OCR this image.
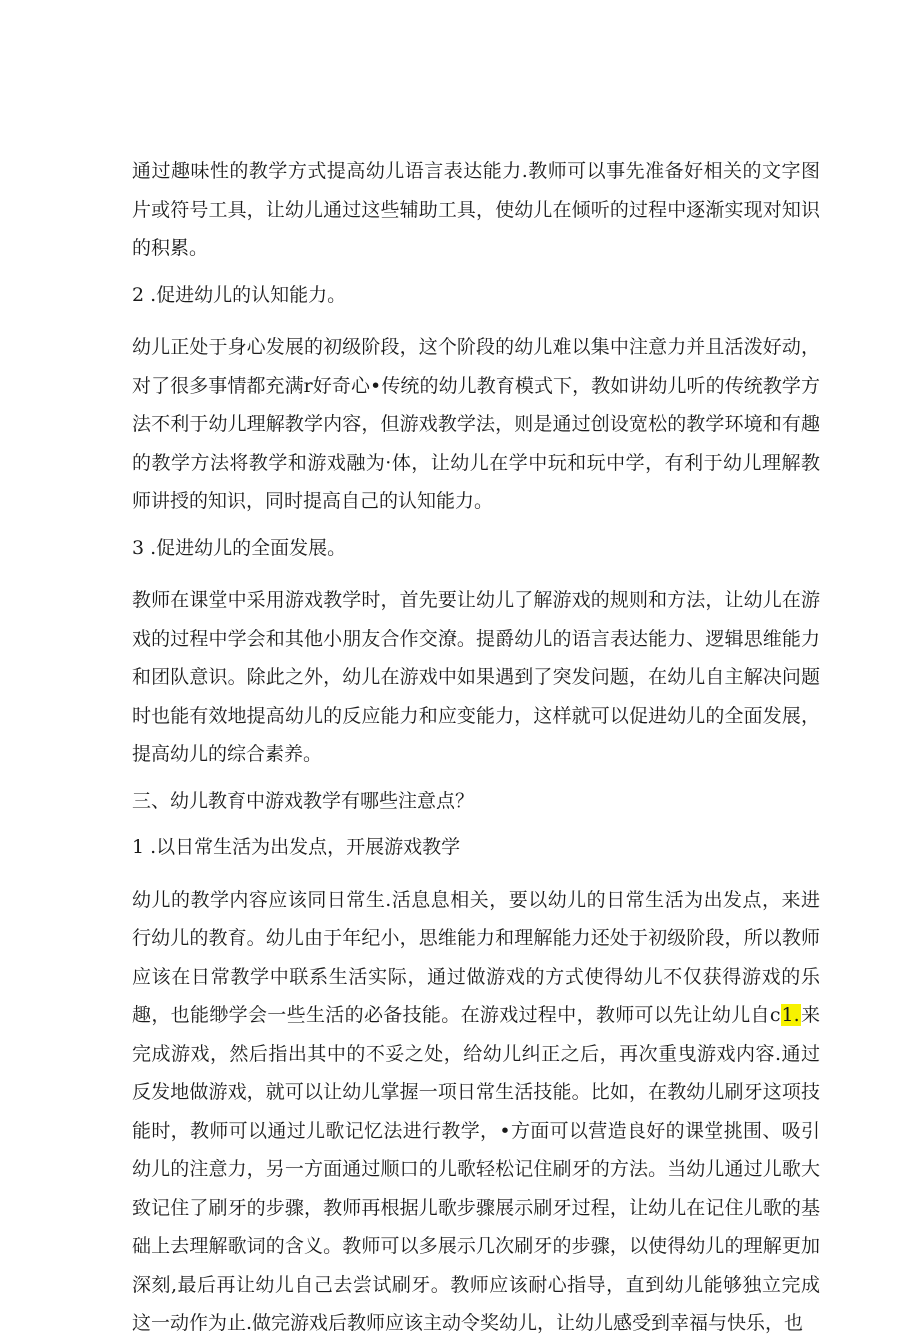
通过趣味性的教学方式提高幼儿语言表达能力.教师可以事先准备好相关的文字图片或符号工具，让幼儿通过这些辅助工具，使幼儿在倾听的过程中逐渐实现对知识的积累。

2 .促进幼儿的认知能力。

幼儿正处于身心发展的初级阶段，这个阶段的幼儿难以集中注意力并且活泼好动，对了很多事情都充满r好奇心•传统的幼儿教育模式下，教如讲幼儿听的传统教学方法不利于幼儿理解教学内容，但游戏教学法，则是通过创设宽松的教学环境和有趣的教学方法将教学和游戏融为·体，让幼儿在学中玩和玩中学，有利于幼儿理解教师讲授的知识，同时提高自己的认知能力。

3 .促进幼儿的全面发展。

教师在课堂中采用游戏教学时，首先要让幼儿了解游戏的规则和方法，让幼儿在游戏的过程中学会和其他小朋友合作交潦。提爵幼儿的语言表达能力、逻辑思维能力和团队意识。除此之外，幼儿在游戏中如果遇到了突发问题，在幼儿自主解决问题时也能有效地提高幼儿的反应能力和应变能力，这样就可以促进幼儿的全面发展，提高幼儿的综合素养。

三、幼儿教育中游戏教学有哪些注意点？

1 .以日常生活为出发点，开展游戏教学

幼儿的教学内容应该同日常生.活息息相关，要以幼儿的日常生活为出发点，来进行幼儿的教育。幼儿由于年纪小，思维能力和理解能力还处于初级阶段，所以教师应该在日常教学中联系生活实际，通过做游戏的方式使得幼儿不仅获得游戏的乐趣，也能缈学会一些生活的必备技能。在游戏过程中，教师可以先让幼儿自c1.来完成游戏，然后指出其中的不妥之处，给幼儿纠正之后，再次重曳游戏内容.通过反发地做游戏，就可以让幼儿掌握一项日常生活技能。比如，在教幼儿刷牙这项技能时，教师可以通过儿歌记忆法进行教学，•方面可以营造良好的课堂挑围、吸引幼儿的注意力，另一方面通过顺口的儿歌轻松记住刷牙的方法。当幼儿通过儿歌大致记住了刷牙的步骤，教师再根据儿歌步骤展示刷牙过程，让幼儿在记住儿歌的基础上去理解歌词的含义。教师可以多展示几次刷牙的步骤，以使得幼儿的理解更加深刻,最后再让幼儿自己去尝试刷牙。教师应该耐心指导，直到幼儿能够独立完成这一动作为止.做完游戏后教师应该主动令奖幼儿，让幼儿感受到幸福与快乐，也
